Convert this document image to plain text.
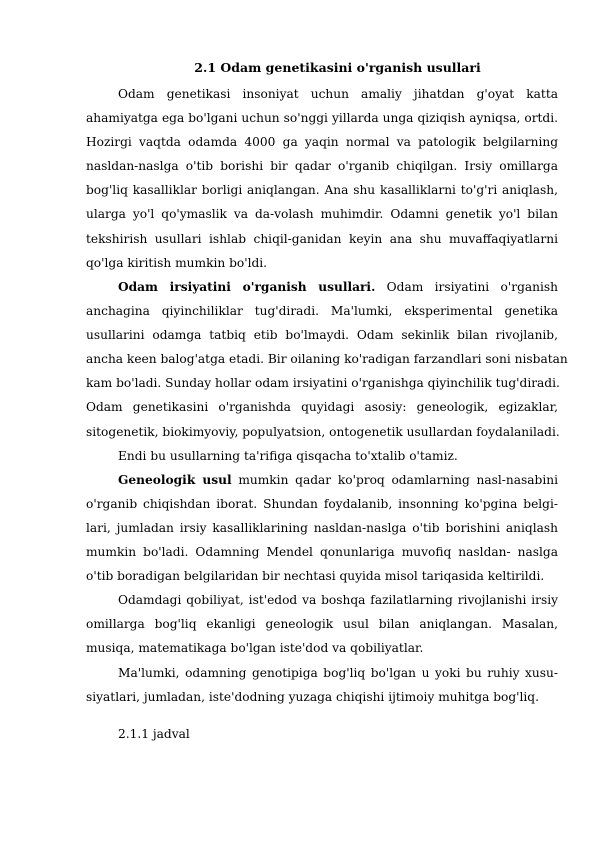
2.1 Odam genetikasini o'rganish usullari
Odam genetikasi insoniyat uchun amaliy jihatdan g'oyat katta
ahamiyatga ega bo'lgani uchun so'nggi yillarda unga qiziqish ayniqsa, ortdi.
Hozirgi vaqtda odamda 4000 ga yaqin normal va patologik belgilarning
nasldan-naslga o'tib borishi bir qadar o'rganib chiqilgan. Irsiy omillarga
bog'liq kasalliklar borligi aniqlangan. Ana shu kasalliklarni to'g'ri aniqlash,
ularga yo'l qo'ymaslik va da-volash muhimdir. Odamni genetik yo'l bilan
tekshirish usullari ishlab chiqil-ganidan keyin ana shu muvaffaqiyatlarni
qo'lga kiritish mumkin bo'ldi.
Odam irsiyatini o'rganish usullari. Odam irsiyatini o'rganish
anchagina qiyinchiliklar tug'diradi. Ma'lumki, eksperimental genetika
usullarini odamga tatbiq etib bo'lmaydi. Odam sekinlik bilan rivojlanib,
ancha keen balog'atga etadi. Bir oilaning ko'radigan farzandlari soni nisbatan
kam bo'ladi. Sunday hollar odam irsiyatini o'rganishga qiyinchilik tug'diradi.
Odam genetikasini o'rganishda quyidagi asosiy: geneologik, egizaklar,
sitogenetik, biokimyoviy, populyatsion, ontogenetik usullardan foydalaniladi.
Endi bu usullarning ta'rifiga qisqacha to'xtalib o'tamiz.
Geneologik usul mumkin qadar ko'proq odamlarning nasl-nasabini
o'rganib chiqishdan iborat. Shundan foydalanib, insonning ko'pgina belgi-
lari, jumladan irsiy kasalliklarining nasldan-naslga o'tib borishini aniqlash
mumkin bo'ladi. Odamning Mendel qonunlariga muvofiq nasldan- naslga
o'tib boradigan belgilaridan bir nechtasi quyida misol tariqasida keltirildi.
Odamdagi qobiliyat, ist'edod va boshqa fazilatlarning rivojlanishi irsiy
omillarga bog'liq ekanligi geneologik usul bilan aniqlangan. Masalan,
musiqa, matematikaga bo'lgan iste'dod va qobiliyatlar.
Ma'lumki, odamning genotipiga bog'liq bo'lgan u yoki bu ruhiy xusu-
siyatlari, jumladan, iste'dodning yuzaga chiqishi ijtimoiy muhitga bog'liq.
2.1.1 jadval
